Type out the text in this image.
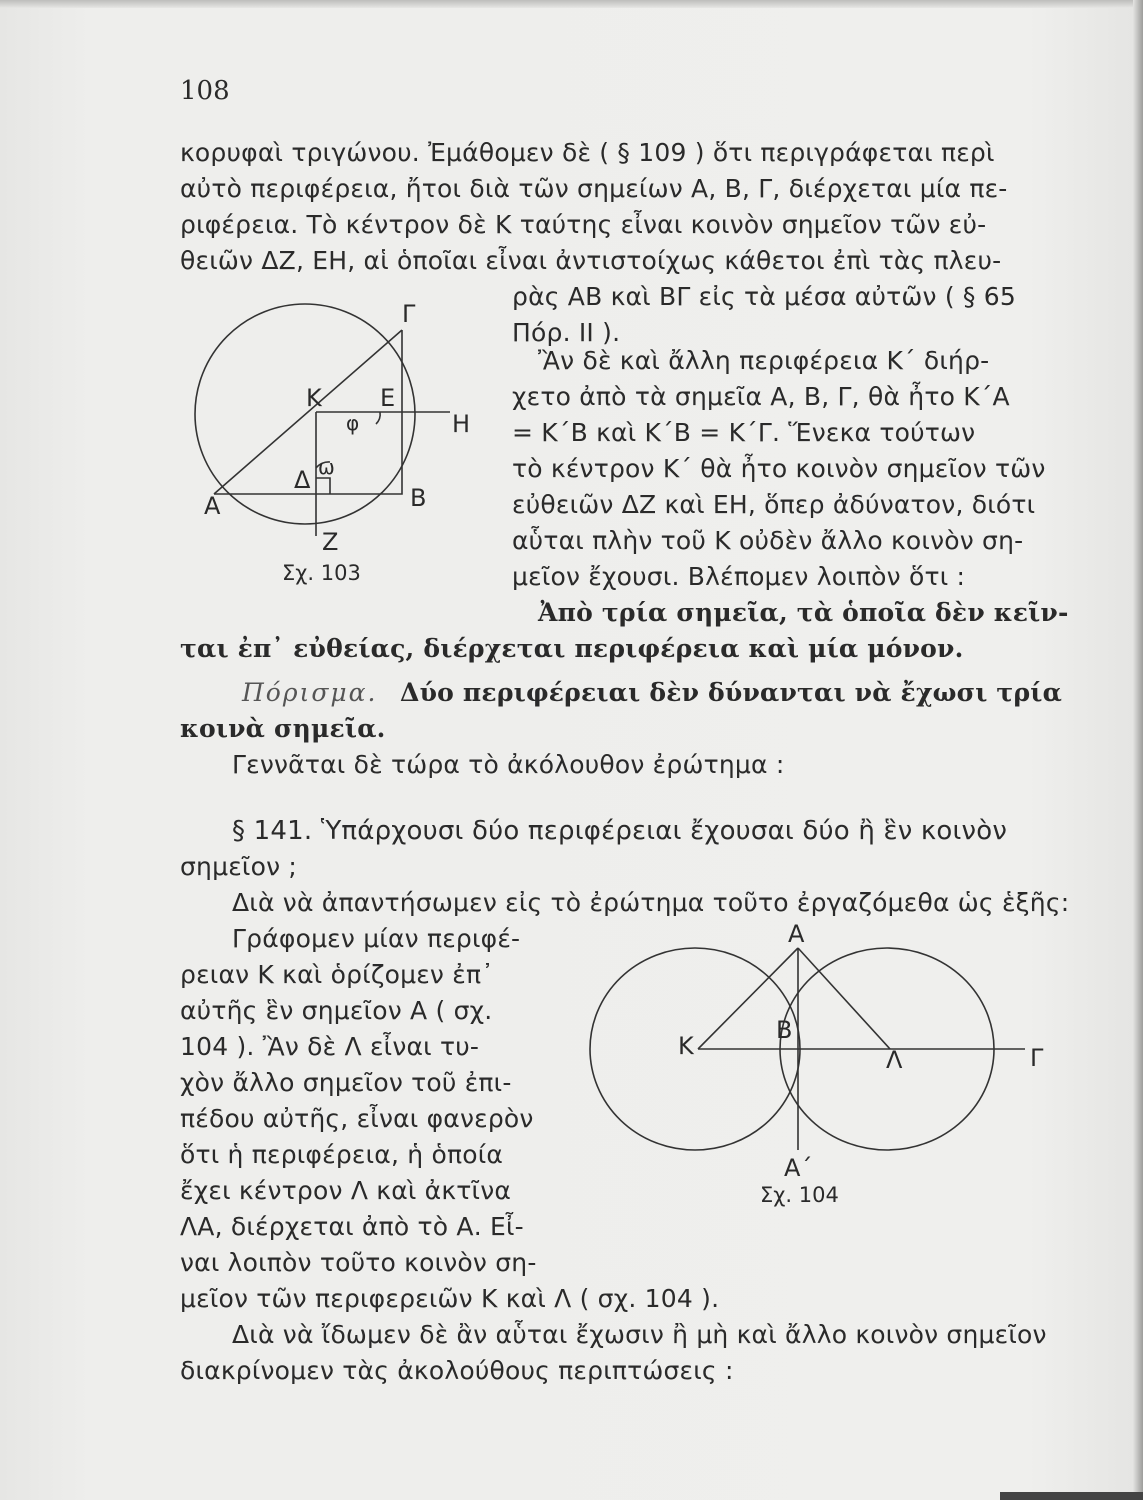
108
κορυφαὶ τριγώνου. Ἐμάθομεν δὲ ( § 109 ) ὅτι περιγράφεται περὶ
αὐτὸ περιφέρεια, ἤτοι διὰ τῶν σημείων Α, Β, Γ, διέρχεται μία πε-
ριφέρεια. Τὸ κέντρον δὲ Κ ταύτης εἶναι κοινὸν σημεῖον τῶν εὐ-
θειῶν ΔΖ, ΕΗ, αἱ ὁποῖαι εἶναι ἀντιστοίχως κάθετοι ἐπὶ τὰς πλευ-
ρὰς ΑΒ καὶ ΒΓ εἰς τὰ μέσα αὐτῶν ( § 65
Πόρ. ΙΙ ).
Γ
Κ Ε
Η
φ
ω
Δ
Α	Β
Ζ
Σχ. 103
Ἂν δὲ καὶ ἄλλη περιφέρεια Κ΄ διήρ-
χετο ἀπὸ τὰ σημεῖα Α, Β, Γ, θὰ ἦτο Κ΄Α
= Κ΄Β καὶ Κ΄Β = Κ΄Γ. Ἕνεκα τούτων
τὸ κέντρον Κ΄ θὰ ἦτο κοινὸν σημεῖον τῶν
εὐθειῶν ΔΖ καὶ ΕΗ, ὅπερ ἀδύνατον, διότι
αὗται πλὴν τοῦ Κ οὐδὲν ἄλλο κοινὸν ση-
μεῖον ἔχουσι. Βλέπομεν λοιπὸν ὅτι :
Ἀπὸ τρία σημεῖα, τὰ ὁποῖα δὲν κεῖν-
ται ἐπ᾽ εὐθείας, διέρχεται περιφέρεια καὶ μία μόνον.
Πόρισμα. Δύο περιφέρειαι δὲν δύνανται νὰ ἔχωσι τρία
κοινὰ σημεῖα.
Γεννᾶται δὲ τώρα τὸ ἀκόλουθον ἐρώτημα :
§ 141. Ὑπάρχουσι δύο περιφέρειαι ἔχουσαι δύο ἢ ἓν κοινὸν
σημεῖον ;
Διὰ νὰ ἀπαντήσωμεν εἰς τὸ ἐρώτημα τοῦτο ἐργαζόμεθα ὡς ἑξῆς:
Γράφομεν μίαν περιφέ-
ρειαν Κ καὶ ὁρίζομεν ἐπ᾽
αὐτῆς ἓν σημεῖον Α ( σχ.
104 ). Ἂν δὲ Λ εἶναι τυ-
χὸν ἄλλο σημεῖον τοῦ ἐπι-
πέδου αὐτῆς, εἶναι φανερὸν
ὅτι ἡ περιφέρεια, ἡ ὁποία
ἔχει κέντρον Λ καὶ ἀκτῖνα
ΛΑ, διέρχεται ἀπὸ τὸ Α. Εἶ-
ναι λοιπὸν τοῦτο κοινὸν ση-
μεῖον τῶν περιφερειῶν Κ καὶ Λ ( σχ. 104 ).
Α
Κ
Β
Λ	Γ
Α΄
Σχ. 104
Διὰ νὰ ἴδωμεν δὲ ἂν αὗται ἔχωσιν ἢ μὴ καὶ ἄλλο κοινὸν σημεῖον
διακρίνομεν τὰς ἀκολούθους περιπτώσεις :
